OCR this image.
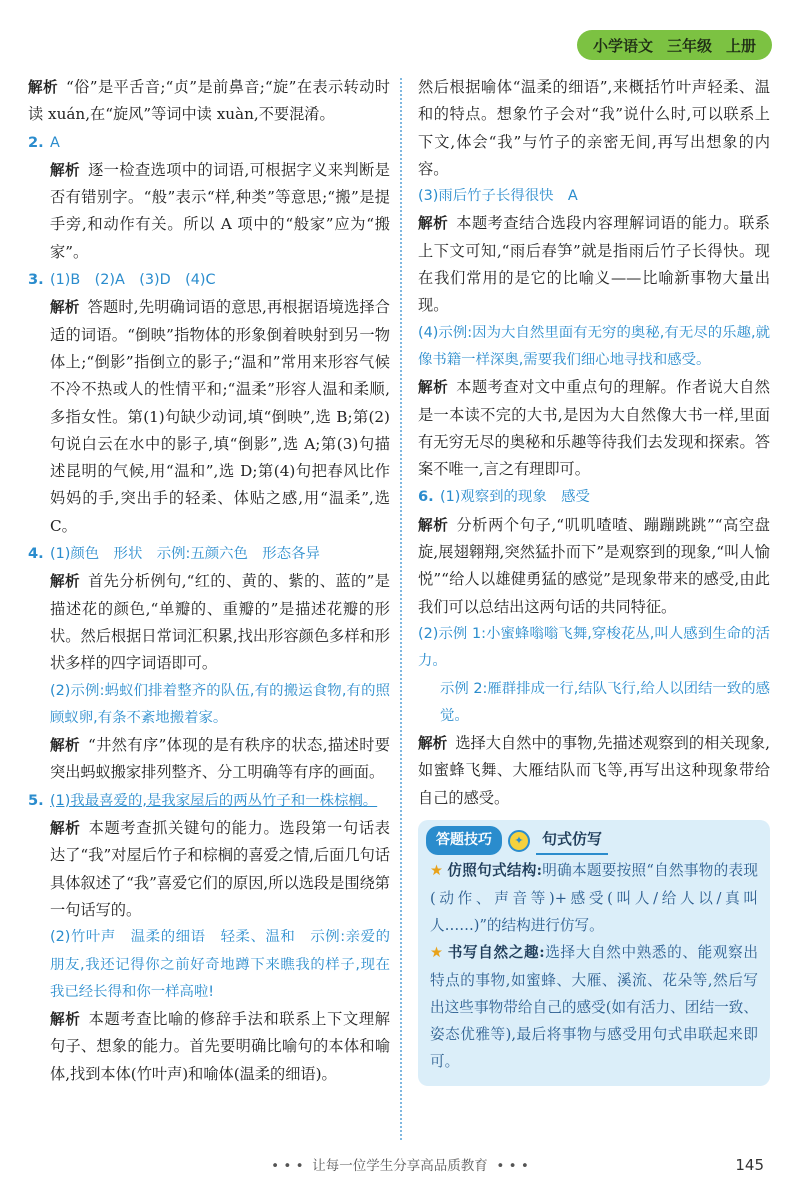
小学语文 三年级 上册
解析 “俗”是平舌音;“贞”是前鼻音;“旋”在表示转动时读 xuán,在“旋风”等词中读 xuàn,不要混淆。
2. A
解析 逐一检查选项中的词语,可根据字义来判断是否有错别字。“般”表示“样,种类”等意思;“搬”是提手旁,和动作有关。所以 A 项中的“般家”应为“搬家”。
3. (1)B　(2)A　(3)D　(4)C
解析 答题时,先明确词语的意思,再根据语境选择合适的词语。“倒映”指物体的形象倒着映射到另一物体上;“倒影”指倒立的影子;“温和”常用来形容气候不冷不热或人的性情平和;“温柔”形容人温和柔顺,多指女性。第(1)句缺少动词,填“倒映”,选 B;第(2)句说白云在水中的影子,填“倒影”,选 A;第(3)句描述昆明的气候,用“温和”,选 D;第(4)句把春风比作妈妈的手,突出手的轻柔、体贴之感,用“温柔”,选 C。
4. (1)颜色　形状　示例:五颜六色　形态各异
解析 首先分析例句,“红的、黄的、紫的、蓝的”是描述花的颜色,“单瓣的、重瓣的”是描述花瓣的形状。然后根据日常词汇积累,找出形容颜色多样和形状多样的四字词语即可。
(2)示例:蚂蚁们排着整齐的队伍,有的搬运食物,有的照顾蚁卵,有条不紊地搬着家。
解析 “井然有序”体现的是有秩序的状态,描述时要突出蚂蚁搬家排列整齐、分工明确等有序的画面。
5. (1)我最喜爱的,是我家屋后的两丛竹子和一株棕榈。
解析 本题考查抓关键句的能力。选段第一句话表达了“我”对屋后竹子和棕榈的喜爱之情,后面几句话具体叙述了“我”喜爱它们的原因,所以选段是围绕第一句话写的。
(2)竹叶声　温柔的细语　轻柔、温和　示例:亲爱的朋友,我还记得你之前好奇地蹲下来瞧我的样子,现在我已经长得和你一样高啦!
解析 本题考查比喻的修辞手法和联系上下文理解句子、想象的能力。首先要明确比喻句的本体和喻体,找到本体(竹叶声)和喻体(温柔的细语)。
然后根据喻体“温柔的细语”,来概括竹叶声轻柔、温和的特点。想象竹子会对“我”说什么时,可以联系上下文,体会“我”与竹子的亲密无间,再写出想象的内容。
(3)雨后竹子长得很快　A
解析 本题考查结合选段内容理解词语的能力。联系上下文可知,“雨后春笋”就是指雨后竹子长得快。现在我们常用的是它的比喻义——比喻新事物大量出现。
(4)示例:因为大自然里面有无穷的奥秘,有无尽的乐趣,就像书籍一样深奥,需要我们细心地寻找和感受。
解析 本题考查对文中重点句的理解。作者说大自然是一本读不完的大书,是因为大自然像大书一样,里面有无穷无尽的奥秘和乐趣等待我们去发现和探索。答案不唯一,言之有理即可。
6. (1)观察到的现象　感受
解析 分析两个句子,“叽叽喳喳、蹦蹦跳跳”“高空盘旋,展翅翱翔,突然猛扑而下”是观察到的现象,“叫人愉悦”“给人以雄健勇猛的感觉”是现象带来的感受,由此我们可以总结出这两句话的共同特征。
(2)示例 1:小蜜蜂嗡嗡飞舞,穿梭花丛,叫人感到生命的活力。
示例 2:雁群排成一行,结队飞行,给人以团结一致的感觉。
解析 选择大自然中的事物,先描述观察到的相关现象,如蜜蜂飞舞、大雁结队而飞等,再写出这种现象带给自己的感受。
答题技巧	✦	句式仿写
★ 仿照句式结构:明确本题要按照“自然事物的表现(动作、声音等)+感受(叫人/给人以/真叫人……)”的结构进行仿写。
★ 书写自然之趣:选择大自然中熟悉的、能观察出特点的事物,如蜜蜂、大雁、溪流、花朵等,然后写出这些事物带给自己的感受(如有活力、团结一致、姿态优雅等),最后将事物与感受用句式串联起来即可。
• • • 让每一位学生分享高品质教育 • • •	145
